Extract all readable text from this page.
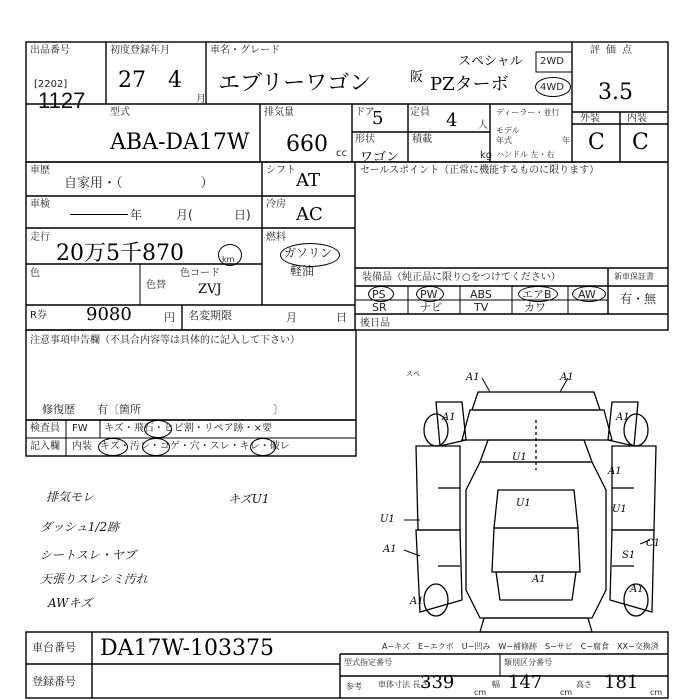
A1	A1
U1
U1
A1
A1
U1
A1	A1
A1
U1
S1
A1
A1
C1
スペ
出品番号
[2202]
1127
初度登録年月
27 4
月
車名・グレード
エブリーワゴン	阪 PZターボ
スペシャル 2WD
4WD
評価点
3.5
外装	内装
C C
型式
ABA-DA17W
排気量
660 cc
ドア
5	定員 4 人
形状
ワゴン
積載
kg
ディーラー・並行
モデル
年式	年
ハンドル 左・右
車歴
自家用・（　　　　　　）
シフト AT	セールスポイント（正常に機能するものに限ります）
車検
年	月(	日)
冷房 AC
走行
20万5千870	km
燃料
ガソリン
軽油
色
色替
色コード
ZVJ
装備品（純正品に限り○をつけてください）
PS	PW	ABS	エアB AW
SR	ナビ	TV	カワ
新車保証書
有・無
R券 9080	円 名変期限	月	日 後日品
注意事項申告欄（不具合内容等は具体的に記入して下さい）
修復歴　　有〔箇所　　　　　　　　　　　　〕
検査員
記入欄
FW キズ・飛石・ヒビ割・リペア跡・×要
内装 キズ・汚レ・コゲ・穴・スレ・キレ・破レ
排気モレ
ダッシュ1/2跡
シートスレ・ヤブ
天張りスレシミ汚れ
AWキズ
キズU1
車台番号 DA17W-103375
登録番号
A−キズ　E−エクボ　U−凹み　W−補修跡　S−サビ　C−腐食　XX−交換済
型式指定番号	類別区分番号
参考 車体寸法 長さ
339 cm
幅 147 cm
高さ 181 cm
